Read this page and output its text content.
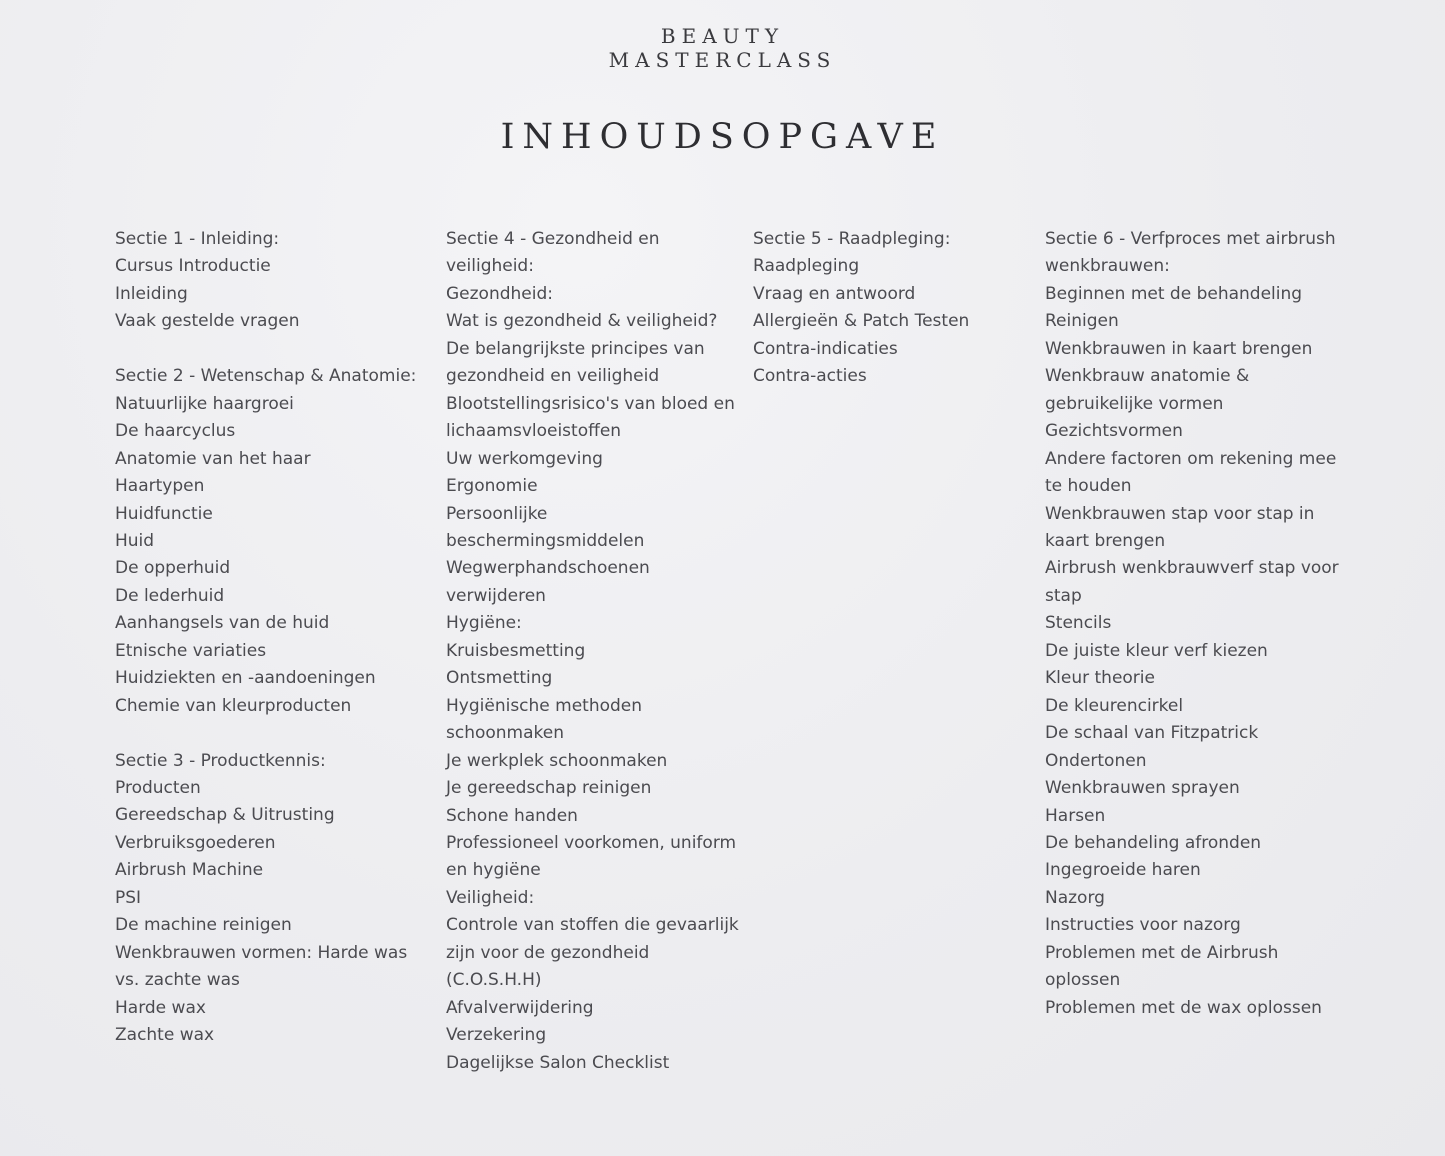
BEAUTY
MASTERCLASS
INHOUDSOPGAVE
Sectie 1 - Inleiding:
Cursus Introductie
Inleiding
Vaak gestelde vragen
Sectie 2 - Wetenschap & Anatomie:
Natuurlijke haargroei
De haarcyclus
Anatomie van het haar
Haartypen
Huidfunctie
Huid
De opperhuid
De lederhuid
Aanhangsels van de huid
Etnische variaties
Huidziekten en -aandoeningen
Chemie van kleurproducten
Sectie 3 - Productkennis:
Producten
Gereedschap & Uitrusting
Verbruiksgoederen
Airbrush Machine
PSI
De machine reinigen
Wenkbrauwen vormen: Harde was vs. zachte was
Harde wax
Zachte wax
Sectie 4 - Gezondheid en veiligheid:
Gezondheid:
Wat is gezondheid & veiligheid?
De belangrijkste principes van gezondheid en veiligheid
Blootstellingsrisico's van bloed en lichaamsvloeistoffen
Uw werkomgeving
Ergonomie
Persoonlijke beschermingsmiddelen
Wegwerphandschoenen verwijderen
Hygiëne:
Kruisbesmetting
Ontsmetting
Hygiënische methoden schoonmaken
Je werkplek schoonmaken
Je gereedschap reinigen
Schone handen
Professioneel voorkomen, uniform en hygiëne
Veiligheid:
Controle van stoffen die gevaarlijk zijn voor de gezondheid (C.O.S.H.H)
Afvalverwijdering
Verzekering
Dagelijkse Salon Checklist
Sectie 5 - Raadpleging:
Raadpleging
Vraag en antwoord
Allergieën & Patch Testen
Contra-indicaties
Contra-acties
Sectie 6 - Verfproces met airbrush wenkbrauwen:
Beginnen met de behandeling
Reinigen
Wenkbrauwen in kaart brengen
Wenkbrauw anatomie & gebruikelijke vormen
Gezichtsvormen
Andere factoren om rekening mee te houden
Wenkbrauwen stap voor stap in kaart brengen
Airbrush wenkbrauwverf stap voor stap
Stencils
De juiste kleur verf kiezen
Kleur theorie
De kleurencirkel
De schaal van Fitzpatrick
Ondertonen
Wenkbrauwen sprayen
Harsen
De behandeling afronden
Ingegroeide haren
Nazorg
Instructies voor nazorg
Problemen met de Airbrush oplossen
Problemen met de wax oplossen
